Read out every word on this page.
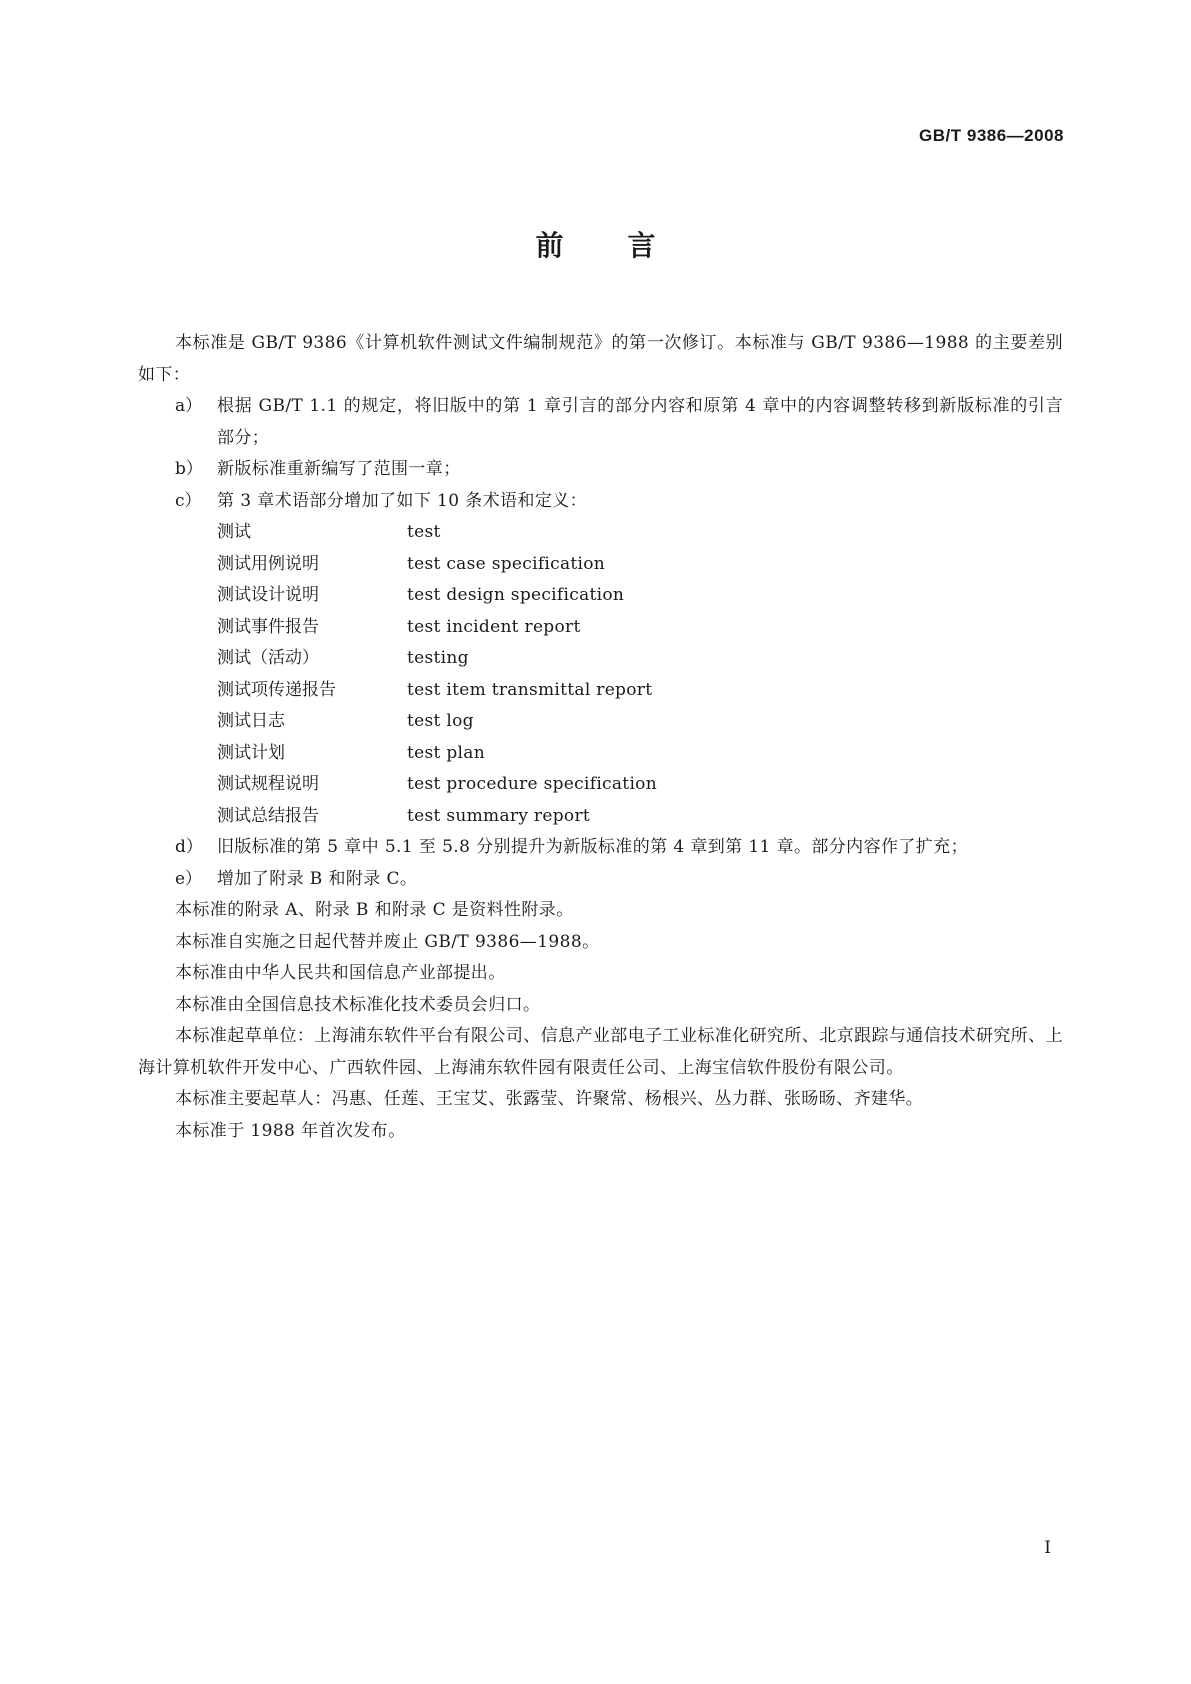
GB/T 9386—2008
前 言

本标准是 GB/T 9386《计算机软件测试文件编制规范》的第一次修订。本标准与 GB/T 9386—1988 的主要差别如下：

a） 根据 GB/T 1.1 的规定，将旧版中的第 1 章引言的部分内容和原第 4 章中的内容调整转移到新版标准的引言部分；
b） 新版标准重新编写了范围一章；
c） 第 3 章术语部分增加了如下 10 条术语和定义：
测试	test
测试用例说明	test case specification
测试设计说明	test design specification
测试事件报告	test incident report
测试（活动）	testing
测试项传递报告	test item transmittal report
测试日志	test log
测试计划	test plan
测试规程说明	test procedure specification
测试总结报告	test summary report
d） 旧版标准的第 5 章中 5.1 至 5.8 分别提升为新版标准的第 4 章到第 11 章。部分内容作了扩充；
e） 增加了附录 B 和附录 C。

本标准的附录 A、附录 B 和附录 C 是资料性附录。

本标准自实施之日起代替并废止 GB/T 9386—1988。

本标准由中华人民共和国信息产业部提出。

本标准由全国信息技术标准化技术委员会归口。

本标准起草单位：上海浦东软件平台有限公司、信息产业部电子工业标准化研究所、北京跟踪与通信技术研究所、上海计算机软件开发中心、广西软件园、上海浦东软件园有限责任公司、上海宝信软件股份有限公司。

本标准主要起草人：冯惠、任莲、王宝艾、张露莹、许聚常、杨根兴、丛力群、张旸旸、齐建华。

本标准于 1988 年首次发布。

I
